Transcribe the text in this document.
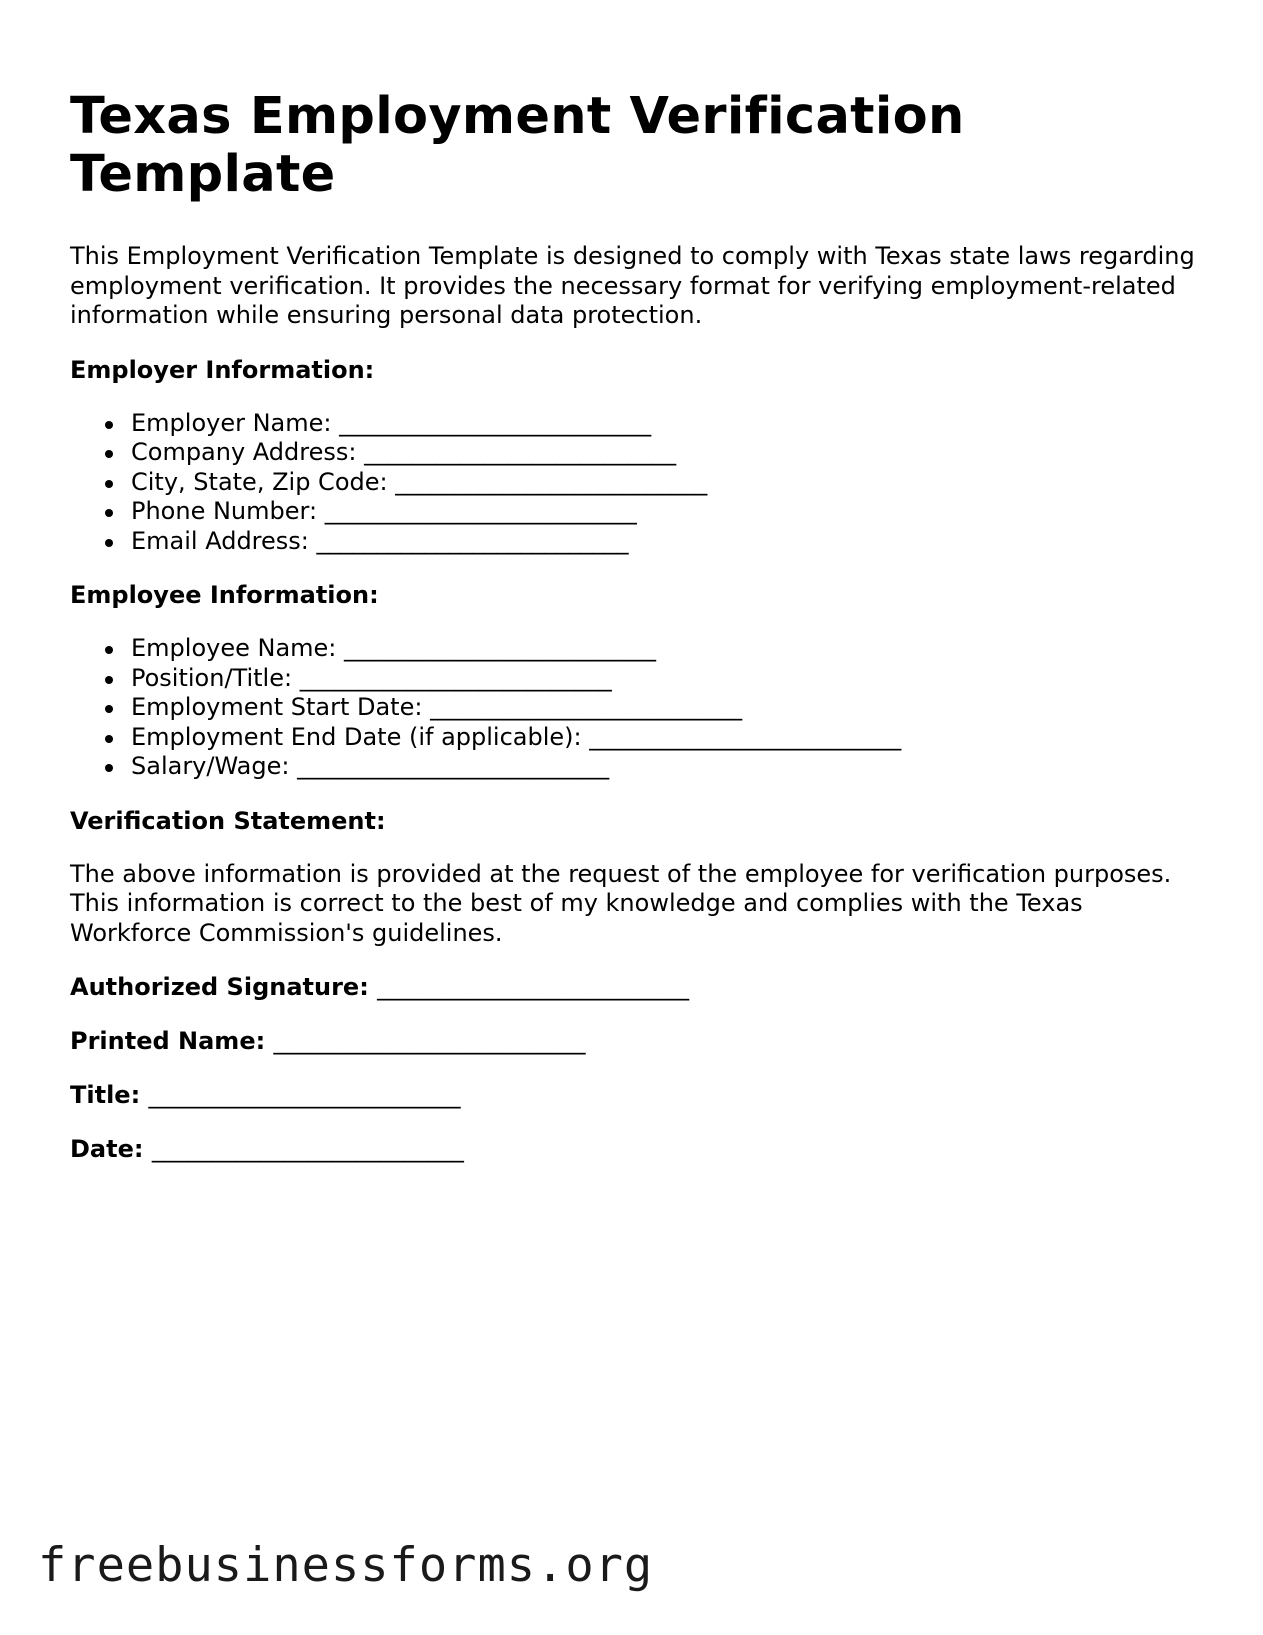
Texas Employment Verification Template

This Employment Verification Template is designed to comply with Texas state laws regarding employment verification. It provides the necessary format for verifying employment-related information while ensuring personal data protection.

Employer Information:
Employer Name: __________________________
Company Address: __________________________
City, State, Zip Code: __________________________
Phone Number: __________________________
Email Address: __________________________
Employee Information:
Employee Name: __________________________
Position/Title: __________________________
Employment Start Date: __________________________
Employment End Date (if applicable): __________________________
Salary/Wage: __________________________
Verification Statement:

The above information is provided at the request of the employee for verification purposes. This information is correct to the best of my knowledge and complies with the Texas Workforce Commission's guidelines.

Authorized Signature: __________________________
Printed Name: __________________________
Title: __________________________
Date: __________________________
freebusinessforms.org
